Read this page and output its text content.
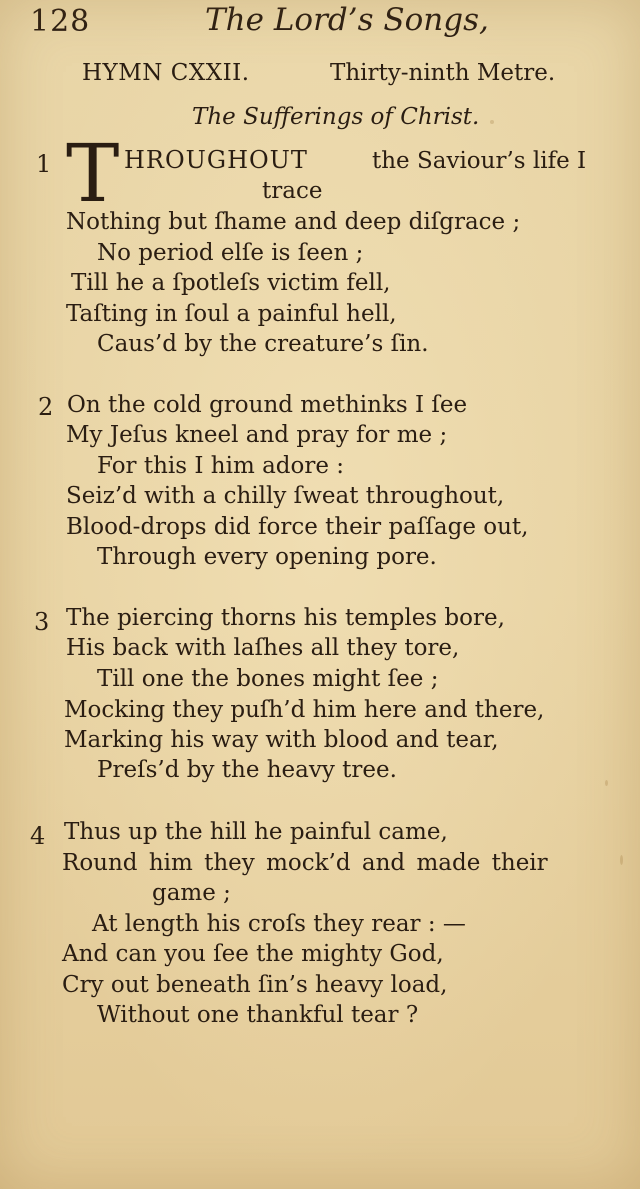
128	The Lord’s Songs,
HYMN CXXII.	Thirty-ninth Metre.
The Sufferings of Christ.
1 T HROUGHOUT	the Saviour’s life I
trace
Nothing but ſhame and deep diſgrace ;
No period elſe is ſeen ;
Till he a ſpotleſs victim fell,
Taſting in ſoul a painful hell,
Caus’d by the creature’s ſin.
2 On the cold ground methinks I ſee
My Jeſus kneel and pray for me ;
For this I him adore :
Seiz’d with a chilly ſweat throughout,
Blood-drops did force their paſſage out,
Through every opening pore.
3 The piercing thorns his temples bore,
His back with laſhes all they tore,
Till one the bones might ſee ;
Mocking they puſh’d him here and there,
Marking his way with blood and tear,
Preſs’d by the heavy tree.
4 Thus up the hill he painful came,
Round him they mock’d and made their
game ;
At length his croſs they rear : —
And can you ſee the mighty God,
Cry out beneath ſin’s heavy load,
Without one thankful tear ?
